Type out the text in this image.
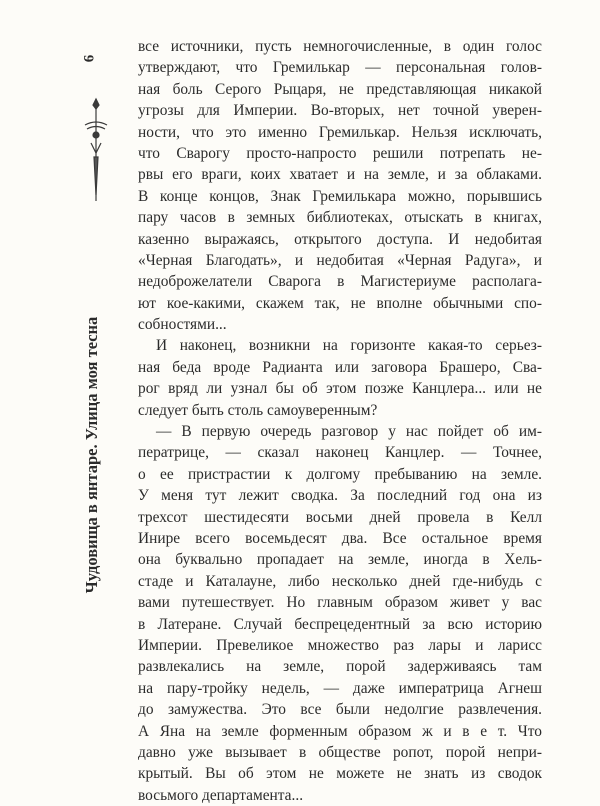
6
Чудовища в янтаре. Улица моя тесна
все источники, пусть немногочисленные, в один голос
утверждают, что Гремилькар — персональная голов-
ная боль Серого Рыцаря, не представляющая никакой
угрозы для Империи. Во-вторых, нет точной уверен-
ности, что это именно Гремилькар. Нельзя исключать,
что Сварогу просто-напросто решили потрепать не-
рвы его враги, коих хватает и на земле, и за облаками.
В конце концов, Знак Гремилькара можно, порывшись
пару часов в земных библиотеках, отыскать в книгах,
казенно выражаясь, открытого доступа. И недобитая
«Черная Благодать», и недобитая «Черная Радуга», и
недоброжелатели Сварога в Магистериуме располага-
ют кое-какими, скажем так, не вполне обычными спо-
собностями...
И наконец, возникни на горизонте какая-то серьез-
ная беда вроде Радианта или заговора Брашеро, Сва-
рог вряд ли узнал бы об этом позже Канцлера... или не
следует быть столь самоуверенным?
— В первую очередь разговор у нас пойдет об им-
ператрице, — сказал наконец Канцлер. — Точнее,
о ее пристрастии к долгому пребыванию на земле.
У меня тут лежит сводка. За последний год она из
трехсот шестидесяти восьми дней провела в Келл
Инире всего восемьдесят два. Все остальное время
она буквально пропадает на земле, иногда в Хель-
стаде и Каталауне, либо несколько дней где-нибудь с
вами путешествует. Но главным образом живет у вас
в Латеране. Случай беспрецедентный за всю историю
Империи. Превеликое множество раз лары и ларисс
развлекались на земле, порой задерживаясь там
на пару-тройку недель, — даже императрица Агнеш
до замужества. Это все были недолгие развлечения.
А Яна на земле форменным образом ж и в е т. Что
давно уже вызывает в обществе ропот, порой непри-
крытый. Вы об этом не можете не знать из сводок
восьмого департамента...
